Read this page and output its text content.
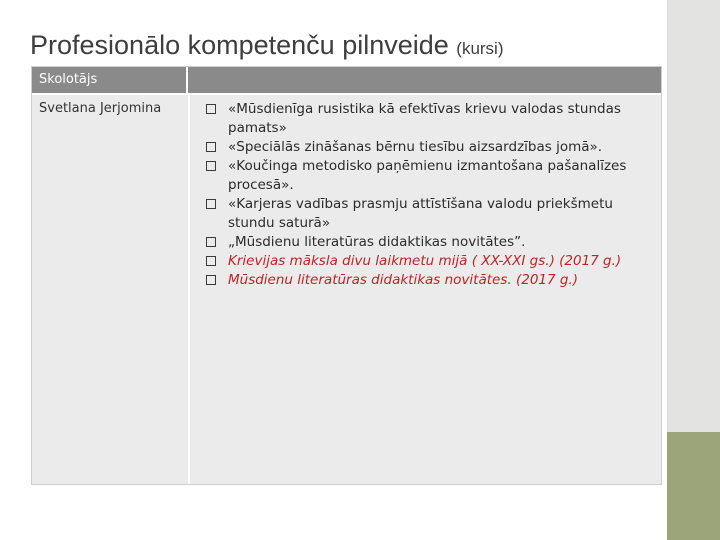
Profesionālo kompetenču pilnveide (kursi)
Skolotājs
Svetlana Jerjomina	«Mūsdienīga rusistika kā efektīvas krievu valodas stundas pamats»
«Speciālās zināšanas bērnu tiesību aizsardzības jomā».
«Koučinga metodisko paņēmienu izmantošana pašanalīzes procesā».
«Karjeras vadības prasmju attīstīšana valodu priekšmetu stundu saturā»
„Mūsdienu literatūras didaktikas novitātes”.
Krievijas māksla divu laikmetu mijā ( XX-XXI gs.) (2017 g.)
Mūsdienu literatūras didaktikas novitātes. (2017 g.)
